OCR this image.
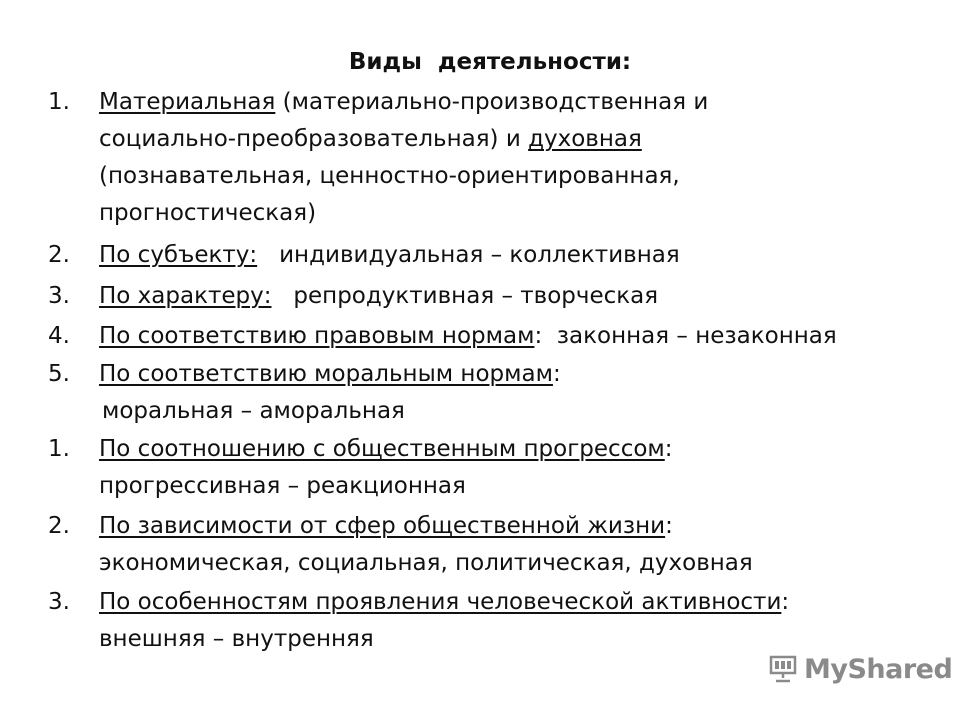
Виды  деятельности:
1. Материальная (материально-производственная и
социально-преобразовательная) и духовная
(познавательная, ценностно-ориентированная,
прогностическая)
2. По субъекту:   индивидуальная – коллективная
3. По характеру:   репродуктивная – творческая
4. По соответствию правовым нормам:  законная – незаконная
5. По соответствию моральным нормам:
моральная – аморальная
1. По соотношению с общественным прогрессом:
прогрессивная – реакционная
2. По зависимости от сфер общественной жизни:
экономическая, социальная, политическая, духовная
3. По особенностям проявления человеческой активности:
внешняя – внутренняя
MyShared
